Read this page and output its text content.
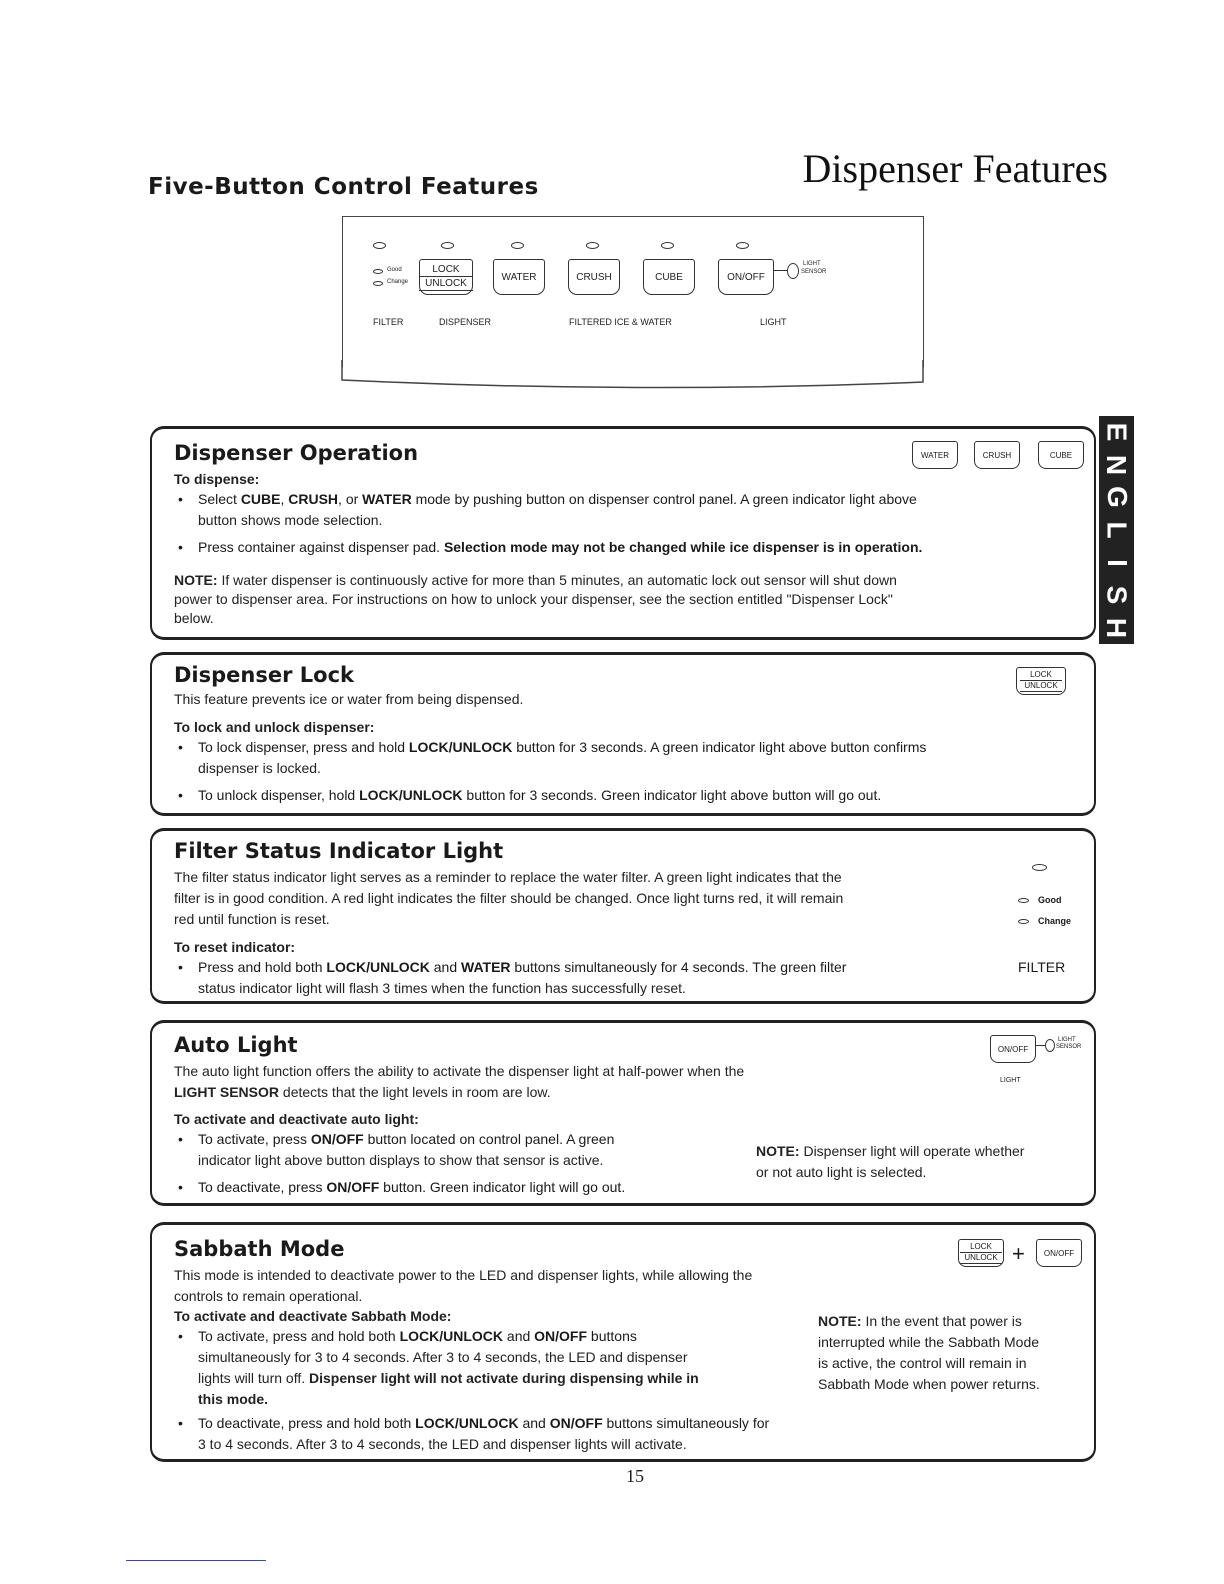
Dispenser Features
Five-Button Control Features
Good
Change
LOCK
UNLOCK
WATER	CRUSH	CUBE	ON/OFF
LIGHT
SENSOR
FILTER	DISPENSER	FILTERED ICE & WATER	LIGHT
E
N
G
L
I
S
H
Dispenser Operation	WATER	CRUSH	CUBE
To dispense:
• Select CUBE, CRUSH, or WATER mode by pushing button on dispenser control panel. A green indicator light above
button shows mode selection.
• Press container against dispenser pad. Selection mode may not be changed while ice dispenser is in operation.
NOTE: If water dispenser is continuously active for more than 5 minutes, an automatic lock out sensor will shut down
power to dispenser area. For instructions on how to unlock your dispenser, see the section entitled "Dispenser Lock"
below.
Dispenser Lock	LOCK
UNLOCK
This feature prevents ice or water from being dispensed.
To lock and unlock dispenser:
• To lock dispenser, press and hold LOCK/UNLOCK button for 3 seconds. A green indicator light above button confirms
dispenser is locked.
• To unlock dispenser, hold LOCK/UNLOCK button for 3 seconds. Green indicator light above button will go out.
Filter Status Indicator Light
The filter status indicator light serves as a reminder to replace the water filter. A green light indicates that the
filter is in good condition. A red light indicates the filter should be changed. Once light turns red, it will remain
red until function is reset.
To reset indicator:
• Press and hold both LOCK/UNLOCK and WATER buttons simultaneously for 4 seconds. The green filter
status indicator light will flash 3 times when the function has successfully reset.
Good
Change
FILTER
Auto Light	ON/OFF
LIGHT
SENSOR
LIGHT
The auto light function offers the ability to activate the dispenser light at half-power when the
LIGHT SENSOR detects that the light levels in room are low.
To activate and deactivate auto light:
• To activate, press ON/OFF button located on control panel. A green
indicator light above button displays to show that sensor is active.
• To deactivate, press ON/OFF button. Green indicator light will go out.
NOTE: Dispenser light will operate whether
or not auto light is selected.
Sabbath Mode	LOCK
UNLOCK +	ON/OFF
This mode is intended to deactivate power to the LED and dispenser lights, while allowing the
controls to remain operational.
To activate and deactivate Sabbath Mode:
• To activate, press and hold both LOCK/UNLOCK and ON/OFF buttons
simultaneously for 3 to 4 seconds. After 3 to 4 seconds, the LED and dispenser
lights will turn off. Dispenser light will not activate during dispensing while in
this mode.
• To deactivate, press and hold both LOCK/UNLOCK and ON/OFF buttons simultaneously for
3 to 4 seconds. After 3 to 4 seconds, the LED and dispenser lights will activate.
NOTE: In the event that power is
interrupted while the Sabbath Mode
is active, the control will remain in
Sabbath Mode when power returns.
15
